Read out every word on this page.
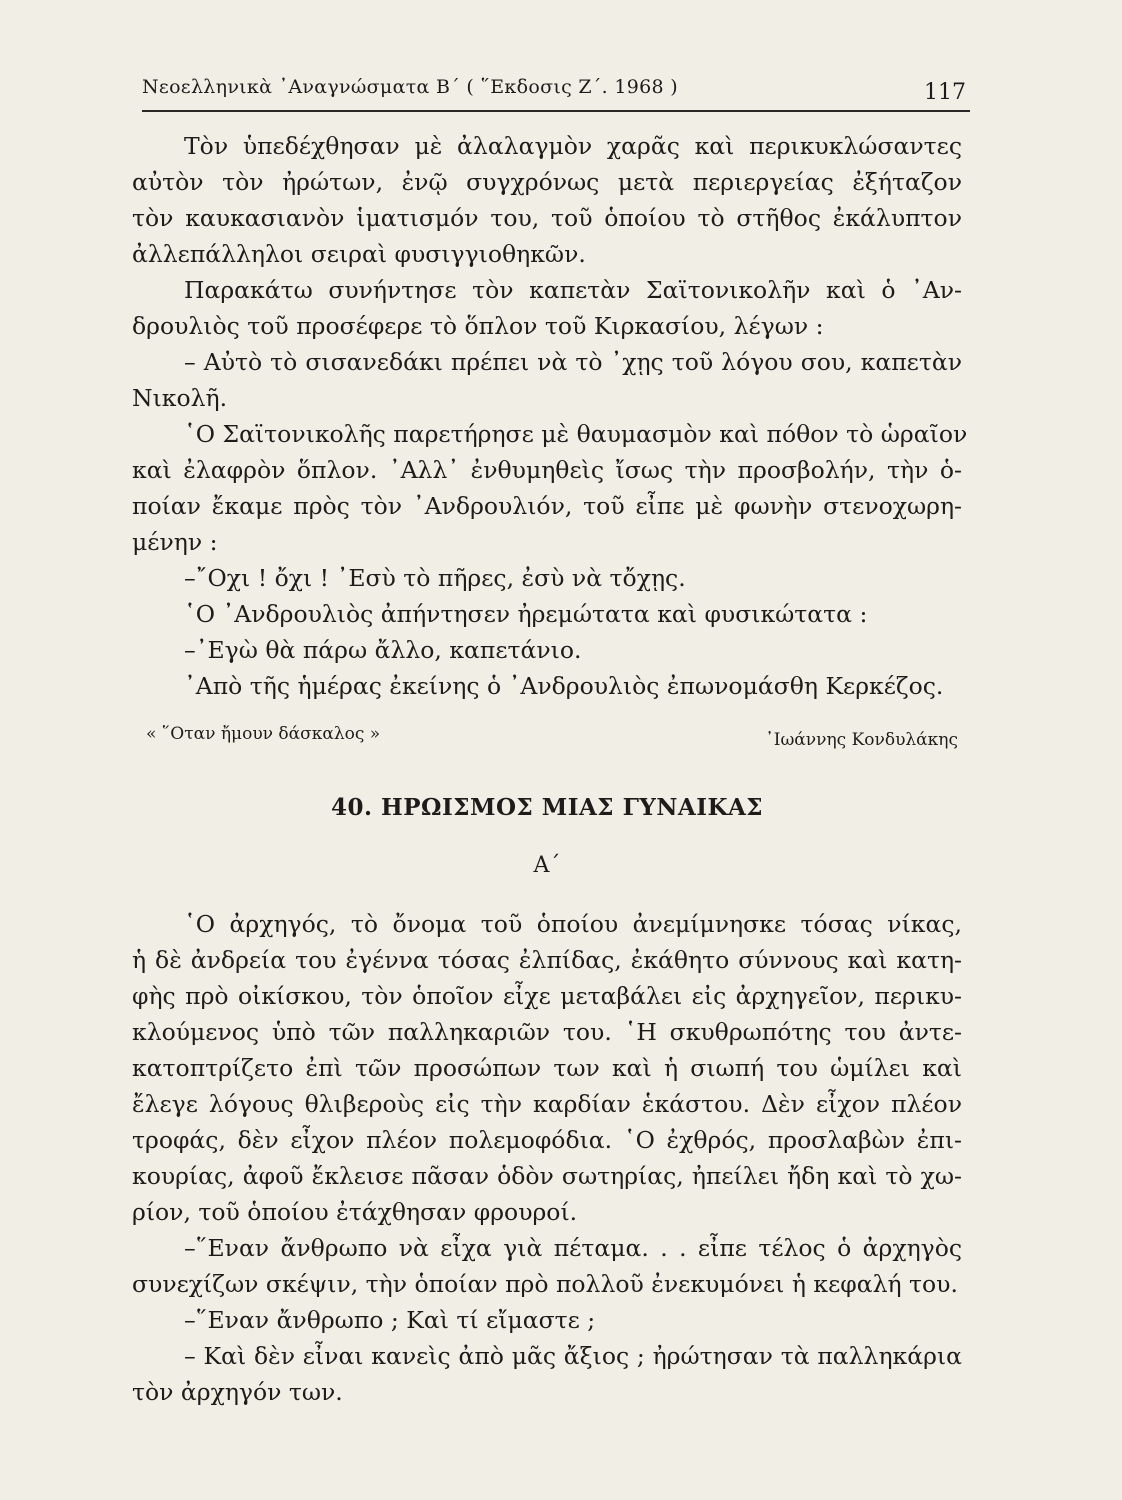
Νεοελληνικὰ ᾿Αναγνώσματα Β΄ ( ῞Εκδοσις Ζ΄. 1968 )	117

Τὸν ὑπεδέχθησαν μὲ ἀλαλαγμὸν χαρᾶς καὶ περικυκλώσαντες
αὐτὸν τὸν ἠρώτων, ἐνῷ συγχρόνως μετὰ περιεργείας ἐξήταζον
τὸν καυκασιανὸν ἱματισμόν του, τοῦ ὁποίου τὸ στῆθος ἐκάλυπτον
ἀλλεπάλληλοι σειραὶ φυσιγγιοθηκῶν.

Παρακάτω συνήντησε τὸν καπετὰν Σαϊτονικολῆν καὶ ὁ ᾿Αν-
δρουλιὸς τοῦ προσέφερε τὸ ὅπλον τοῦ Κιρκασίου, λέγων :

– Αὐτὸ τὸ σισανεδάκι πρέπει νὰ τὸ ᾿χῃς τοῦ λόγου σου, καπετὰν
Νικολῆ.

῾Ο Σαϊτονικολῆς παρετήρησε μὲ θαυμασμὸν καὶ πόθον τὸ ὡραῖον
καὶ ἐλαφρὸν ὅπλον. ᾿Αλλ᾿ ἐνθυμηθεὶς ἴσως τὴν προσβολήν, τὴν ὁ-
ποίαν ἔκαμε πρὸς τὸν ᾿Ανδρουλιόν, τοῦ εἶπε μὲ φωνὴν στενοχωρη-
μένην :

–῎Οχι ! ὄχι ! ᾿Εσὺ τὸ πῆρες, ἐσὺ νὰ τὄχῃς.

῾Ο ᾿Ανδρουλιὸς ἀπήντησεν ἠρεμώτατα καὶ φυσικώτατα :

–᾿Εγὼ θὰ πάρω ἄλλο, καπετάνιο.

᾿Απὸ τῆς ἡμέρας ἐκείνης ὁ ᾿Ανδρουλιὸς ἐπωνομάσθη Κερκέζος.

« ῞Οταν ἤμουν δάσκαλος »	᾿Ιωάννης Κονδυλάκης
40. ΗΡΩΙΣΜΟΣ ΜΙΑΣ ΓΥΝΑΙΚΑΣ
Α΄

῾Ο ἀρχηγός, τὸ ὄνομα τοῦ ὁποίου ἀνεμίμνησκε τόσας νίκας,
ἡ δὲ ἀνδρεία του ἐγέννα τόσας ἐλπίδας, ἐκάθητο σύννους καὶ κατη-
φὴς πρὸ οἰκίσκου, τὸν ὁποῖον εἶχε μεταβάλει εἰς ἀρχηγεῖον, περικυ-
κλούμενος ὑπὸ τῶν παλληκαριῶν του. ῾Η σκυθρωπότης του ἀντε-
κατοπτρίζετο ἐπὶ τῶν προσώπων των καὶ ἡ σιωπή του ὡμίλει καὶ
ἔλεγε λόγους θλιβεροὺς εἰς τὴν καρδίαν ἑκάστου. Δὲν εἶχον πλέον
τροφάς, δὲν εἶχον πλέον πολεμοφόδια. ῾Ο ἐχθρός, προσλαβὼν ἐπι-
κουρίας, ἀφοῦ ἔκλεισε πᾶσαν ὁδὸν σωτηρίας, ἠπείλει ἤδη καὶ τὸ χω-
ρίον, τοῦ ὁποίου ἐτάχθησαν φρουροί.

–῞Εναν ἄνθρωπο νὰ εἶχα γιὰ πέταμα. . . εἶπε τέλος ὁ ἀρχηγὸς
συνεχίζων σκέψιν, τὴν ὁποίαν πρὸ πολλοῦ ἐνεκυμόνει ἡ κεφαλή του.

–῞Εναν ἄνθρωπο ; Καὶ τί εἴμαστε ;

– Καὶ δὲν εἶναι κανεὶς ἀπὸ μᾶς ἄξιος ; ἠρώτησαν τὰ παλληκάρια
τὸν ἀρχηγόν των.
